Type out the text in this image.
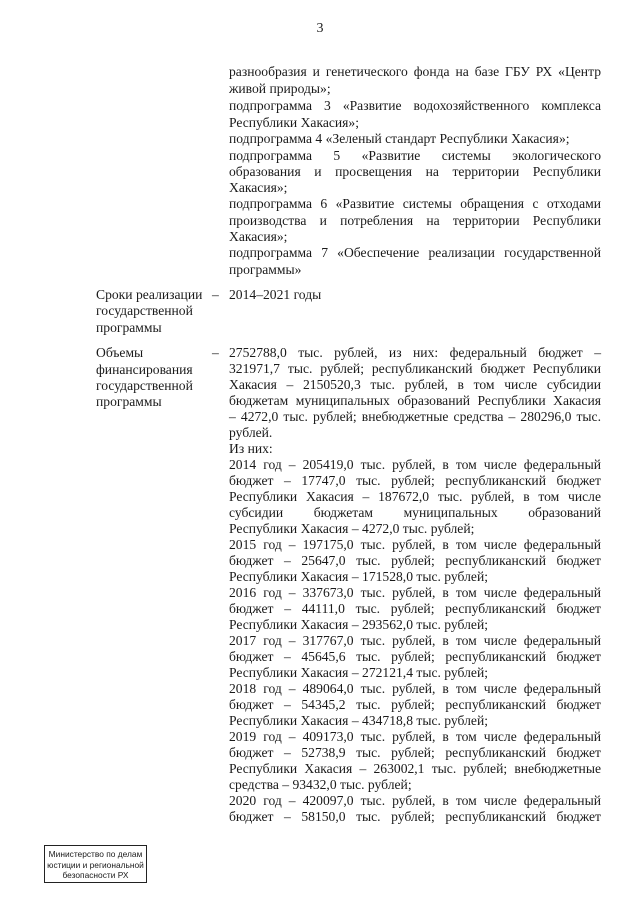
3
разнообразия и генетического фонда на базе ГБУ РХ «Центр
живой природы»;
подпрограмма 3 «Развитие водохозяйственного комплекса
Республики Хакасия»;
подпрограмма 4 «Зеленый стандарт Республики Хакасия»;
подпрограмма 5 «Развитие системы экологического
образования и просвещения на территории Республики
Хакасия»;
подпрограмма 6 «Развитие системы обращения с отходами
производства и потребления на территории Республики
Хакасия»;
подпрограмма 7 «Обеспечение реализации государственной
программы»
Сроки реализации
государственной
программы
– 2014–2021 годы
Объемы
финансирования
государственной
программы
– 2752788,0 тыс. рублей, из них: федеральный бюджет –
321971,7 тыс. рублей; республиканский бюджет Республики
Хакасия – 2150520,3 тыс. рублей, в том числе субсидии
бюджетам муниципальных образований Республики Хакасия
– 4272,0 тыс. рублей; внебюджетные средства – 280296,0 тыс.
рублей.
Из них:
2014 год – 205419,0 тыс. рублей, в том числе федеральный
бюджет – 17747,0 тыс. рублей; республиканский бюджет
Республики Хакасия – 187672,0 тыс. рублей, в том числе
субсидии бюджетам муниципальных образований
Республики Хакасия – 4272,0 тыс. рублей;
2015 год – 197175,0 тыс. рублей, в том числе федеральный
бюджет – 25647,0 тыс. рублей; республиканский бюджет
Республики Хакасия – 171528,0 тыс. рублей;
2016 год – 337673,0 тыс. рублей, в том числе федеральный
бюджет – 44111,0 тыс. рублей; республиканский бюджет
Республики Хакасия – 293562,0 тыс. рублей;
2017 год – 317767,0 тыс. рублей, в том числе федеральный
бюджет – 45645,6 тыс. рублей; республиканский бюджет
Республики Хакасия – 272121,4 тыс. рублей;
2018 год – 489064,0 тыс. рублей, в том числе федеральный
бюджет – 54345,2 тыс. рублей; республиканский бюджет
Республики Хакасия – 434718,8 тыс. рублей;
2019 год – 409173,0 тыс. рублей, в том числе федеральный
бюджет – 52738,9 тыс. рублей; республиканский бюджет
Республики Хакасия – 263002,1 тыс. рублей; внебюджетные
средства – 93432,0 тыс. рублей;
2020 год – 420097,0 тыс. рублей, в том числе федеральный
бюджет – 58150,0 тыс. рублей; республиканский бюджет
Министерство по делам
юстиции и региональной
безопасности РХ
